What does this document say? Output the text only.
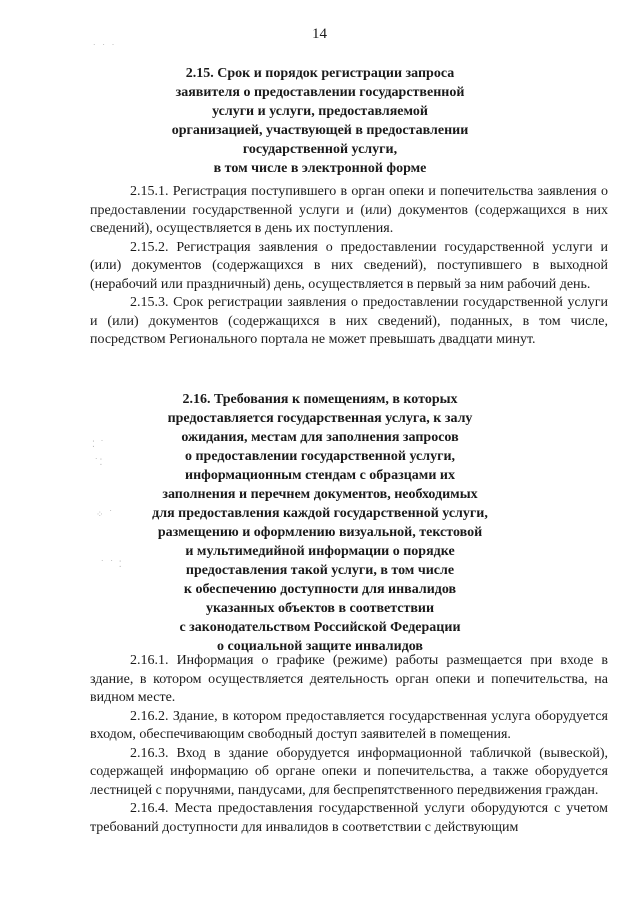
14
˙ ˙ ˙
⁚ ˙
˙⁚
⁘ ˙
˙ ˙ ⁚
2.15. Срок и порядок регистрации запроса
заявителя о предоставлении государственной
услуги и услуги, предоставляемой
организацией, участвующей в предоставлении
государственной услуги,
в том числе в электронной форме

2.15.1. Регистрация поступившего в орган опеки и попечительства заявления о предоставлении государственной услуги и (или) документов (содержащихся в них сведений), осуществляется в день их поступления.

2.15.2. Регистрация заявления о предоставлении государственной услуги и (или) документов (содержащихся в них сведений), поступившего в выходной (нерабочий или праздничный) день, осуществляется в первый за ним рабочий день.

2.15.3. Срок регистрации заявления о предоставлении государственной услуги и (или) документов (содержащихся в них сведений), поданных, в том числе, посредством Регионального портала не может превышать двадцати минут.

2.16. Требования к помещениям, в которых
предоставляется государственная услуга, к залу
ожидания, местам для заполнения запросов
о предоставлении государственной услуги,
информационным стендам с образцами их
заполнения и перечнем документов, необходимых
для предоставления каждой государственной услуги,
размещению и оформлению визуальной, текстовой
и мультимедийной информации о порядке
предоставления такой услуги, в том числе
к обеспечению доступности для инвалидов
указанных объектов в соответствии
с законодательством Российской Федерации
о социальной защите инвалидов

2.16.1. Информация о графике (режиме) работы размещается при входе в здание, в котором осуществляется деятельность орган опеки и попечительства, на видном месте.

2.16.2. Здание, в котором предоставляется государственная услуга оборудуется входом, обеспечивающим свободный доступ заявителей в помещения.

2.16.3. Вход в здание оборудуется информационной табличкой (вывеской), содержащей информацию об органе опеки и попечительства, а также оборудуется лестницей с поручнями, пандусами, для беспрепятственного передвижения граждан.

2.16.4. Места предоставления государственной услуги оборудуются с учетом требований доступности для инвалидов в соответствии с действующим
